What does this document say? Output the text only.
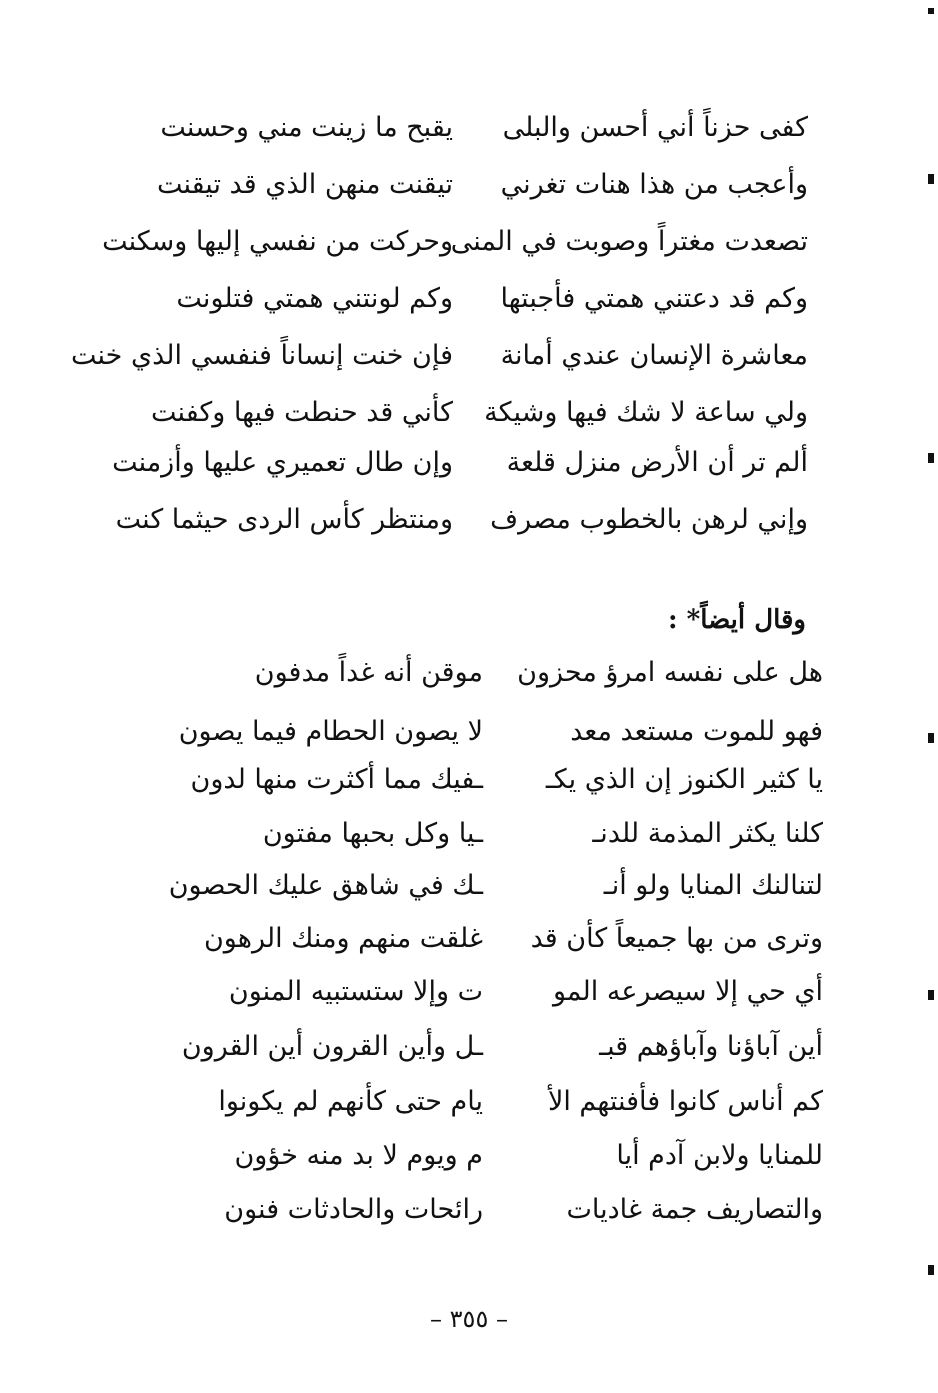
كفى حزناً أني أحسن والبلى
يقبح ما زينت مني وحسنت
وأعجب من هذا هنات تغرني
تيقنت منهن الذي قد تيقنت
تصعدت مغتراً وصوبت في المنى
وحركت من نفسي إليها وسكنت
وكم قد دعتني همتي فأجبتها
وكم لونتني همتي فتلونت
معاشرة الإنسان عندي أمانة
فإن خنت إنساناً فنفسي الذي خنت
ولي ساعة لا شك فيها وشيكة
كأني قد حنطت فيها وكفنت
ألم تر أن الأرض منزل قلعة
وإن طال تعميري عليها وأزمنت
وإني لرهن بالخطوب مصرف
ومنتظر كأس الردى حيثما كنت
وقال أيضاً* :
هل على نفسه امرؤ محزون
موقن أنه غداً مدفون
فهو للموت مستعد معد
لا يصون الحطام فيما يصون
يا كثير الكنوز إن الذي يكـ
ـفيك مما أكثرت منها لدون
كلنا يكثر المذمة للدنـ
ـيا وكل بحبها مفتون
لتنالنك المنايا ولو أنـ
ـك في شاهق عليك الحصون
وترى من بها جميعاً كأن قد
غلقت منهم ومنك الرهون
أي حي إلا سيصرعه المو
ت وإلا ستستبيه المنون
أين آباؤنا وآباؤهم قبـ
ـل وأين القرون أين القرون
كم أناس كانوا فأفنتهم الأ
يام حتى كأنهم لم يكونوا
للمنايا ولابن آدم أيا
م ويوم لا بد منه خؤون
والتصاريف جمة غاديات
رائحات والحادثات فنون
– ٣٥٥ –
